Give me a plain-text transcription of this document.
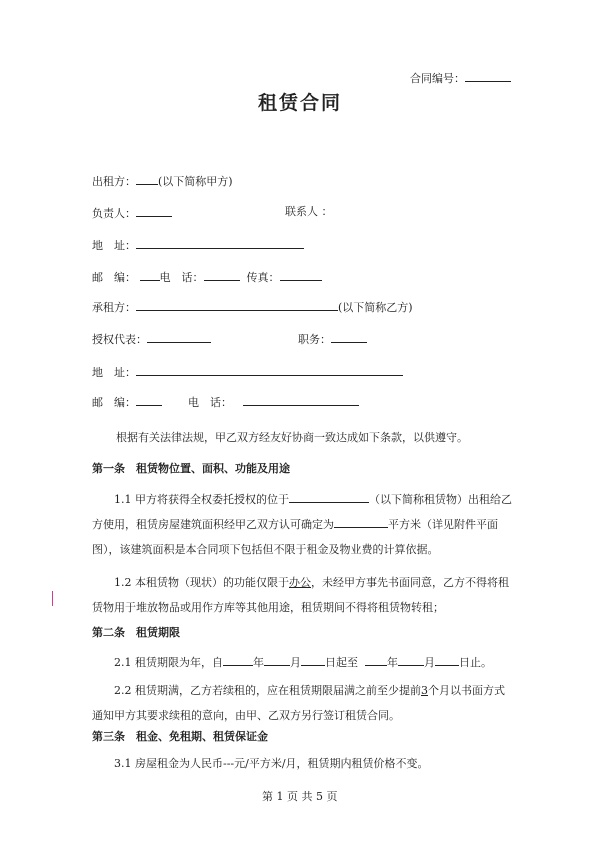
合同编号：
租赁合同
出租方： (以下简称甲方)
负责人：	联系人 ：
地　址：
邮　编： 电　话：	传真：
承租方：	(以下简称乙方)
授权代表：	职务：
地　址：
邮　编：	电　话：
根据有关法律法规，甲乙双方经友好协商一致达成如下条款，以供遵守。
第一条　租赁物位置、面积、功能及用途
1.1 甲方将获得全权委托授权的位于	（以下简称租赁物）出租给乙方使用，租赁房屋建筑面积经甲乙双方认可确定为	平方米（详见附件平面图），该建筑面积是本合同项下包括但不限于租金及物业费的计算依据。
1.2 本租赁物（现状）的功能仅限于办公，未经甲方事先书面同意，乙方不得将租赁物用于堆放物品或用作方库等其他用途，租赁期间不得将租赁物转租；
第二条　租赁期限
2.1 租赁期限为年，自	年 月 日起至	年 月 日止。
2.2 租赁期满，乙方若续租的，应在租赁期限届满之前至少提前3个月以书面方式通知甲方其要求续租的意向，由甲、乙双方另行签订租赁合同。
第三条　租金、免租期、租赁保证金
3.1 房屋租金为人民币---元/平方米/月，租赁期内租赁价格不变。
第 1 页 共 5 页
